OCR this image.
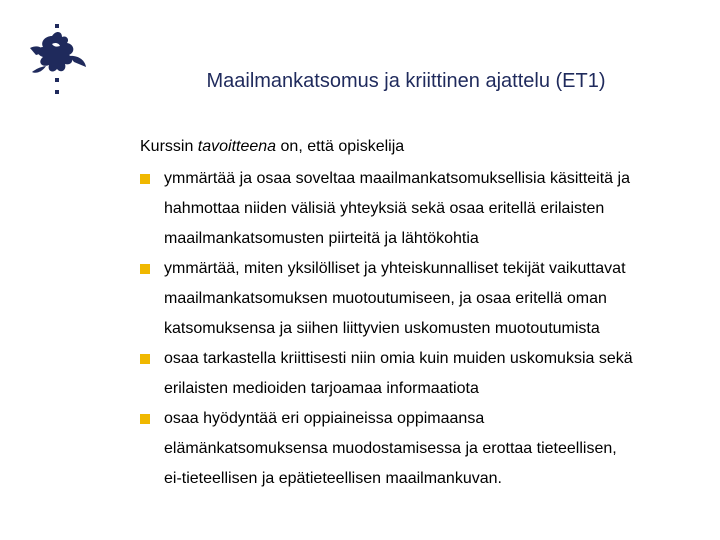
Maailmankatsomus ja kriittinen ajattelu (ET1)
Kurssin tavoitteena on, että opiskelija
ymmärtää ja osaa soveltaa maailmankatsomuksellisia käsitteitä ja
hahmottaa niiden välisiä yhteyksiä sekä osaa eritellä erilaisten
maailmankatsomusten piirteitä ja lähtökohtia
ymmärtää, miten yksilölliset ja yhteiskunnalliset tekijät vaikuttavat
maailmankatsomuksen muotoutumiseen, ja osaa eritellä oman
katsomuksensa ja siihen liittyvien uskomusten muotoutumista
osaa tarkastella kriittisesti niin omia kuin muiden uskomuksia sekä
erilaisten medioiden tarjoamaa informaatiota
osaa hyödyntää eri oppiaineissa oppimaansa
elämänkatsomuksensa muodostamisessa ja erottaa tieteellisen,
ei-tieteellisen ja epätieteellisen maailmankuvan.
